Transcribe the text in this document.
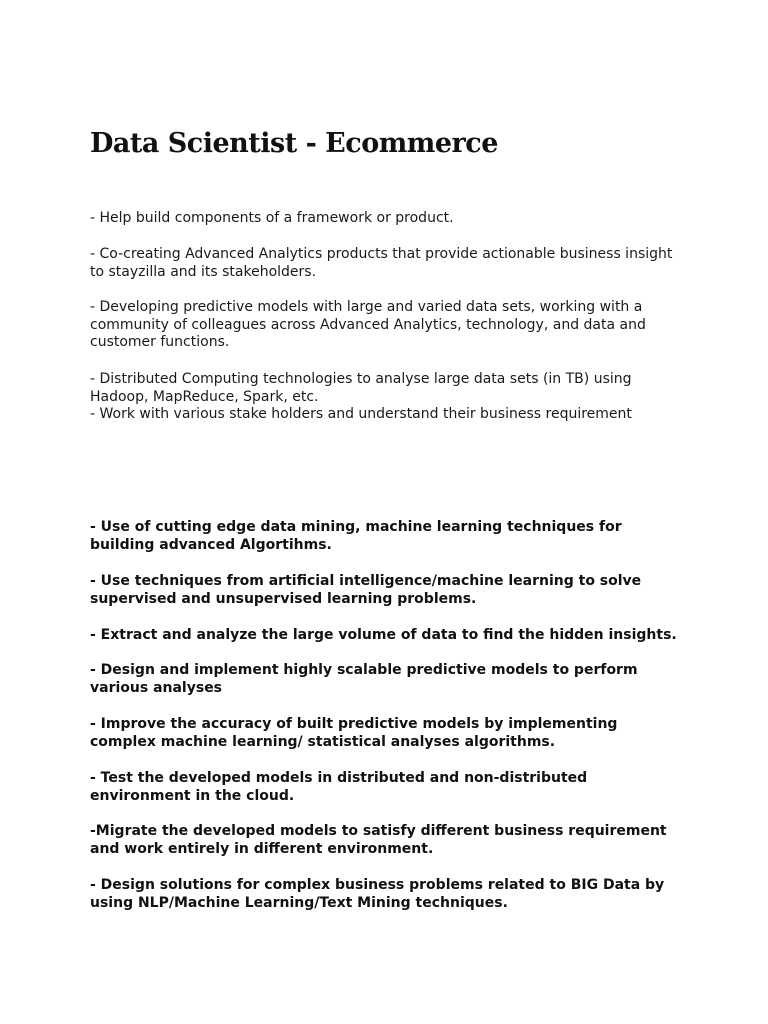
Data Scientist - Ecommerce

- Help build components of a framework or product.

- Co-creating Advanced Analytics products that provide actionable business insight
to stayzilla and its stakeholders.

- Developing predictive models with large and varied data sets, working with a
community of colleagues across Advanced Analytics, technology, and data and
customer functions.

- Distributed Computing technologies to analyse large data sets (in TB) using
Hadoop, MapReduce, Spark, etc.
- Work with various stake holders and understand their business requirement

- Use of cutting edge data mining, machine learning techniques for
building advanced Algortihms.

- Use techniques from artificial intelligence/machine learning to solve
supervised and unsupervised learning problems.

- Extract and analyze the large volume of data to find the hidden insights.

- Design and implement highly scalable predictive models to perform
various analyses

- Improve the accuracy of built predictive models by implementing
complex machine learning/ statistical analyses algorithms.

- Test the developed models in distributed and non-distributed
environment in the cloud.

-Migrate the developed models to satisfy different business requirement
and work entirely in different environment.

- Design solutions for complex business problems related to BIG Data by
using NLP/Machine Learning/Text Mining techniques.
